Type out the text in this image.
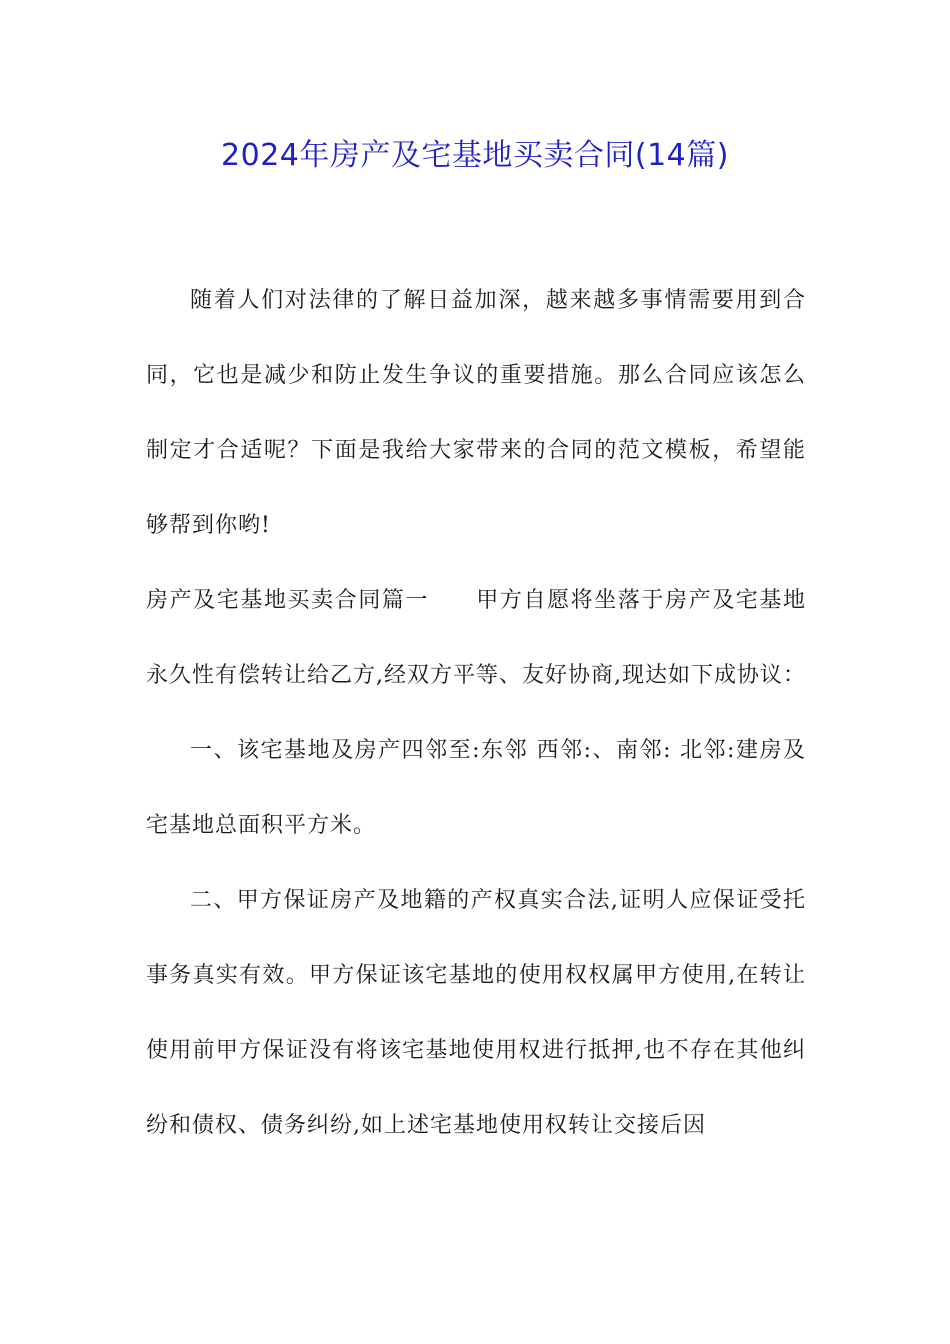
2024年房产及宅基地买卖合同(14篇)

随着人们对法律的了解日益加深，越来越多事情需要用到合同，它也是减少和防止发生争议的重要措施。那么合同应该怎么制定才合适呢？下面是我给大家带来的合同的范文模板，希望能够帮到你哟!

房产及宅基地买卖合同篇一　　甲方自愿将坐落于房产及宅基地永久性有偿转让给乙方,经双方平等、友好协商,现达如下成协议：

一、该宅基地及房产四邻至:东邻 西邻:、南邻: 北邻:建房及宅基地总面积平方米。

二、甲方保证房产及地籍的产权真实合法,证明人应保证受托事务真实有效。甲方保证该宅基地的使用权权属甲方使用,在转让使用前甲方保证没有将该宅基地使用权进行抵押,也不存在其他纠纷和债权、债务纠纷,如上述宅基地使用权转让交接后因
